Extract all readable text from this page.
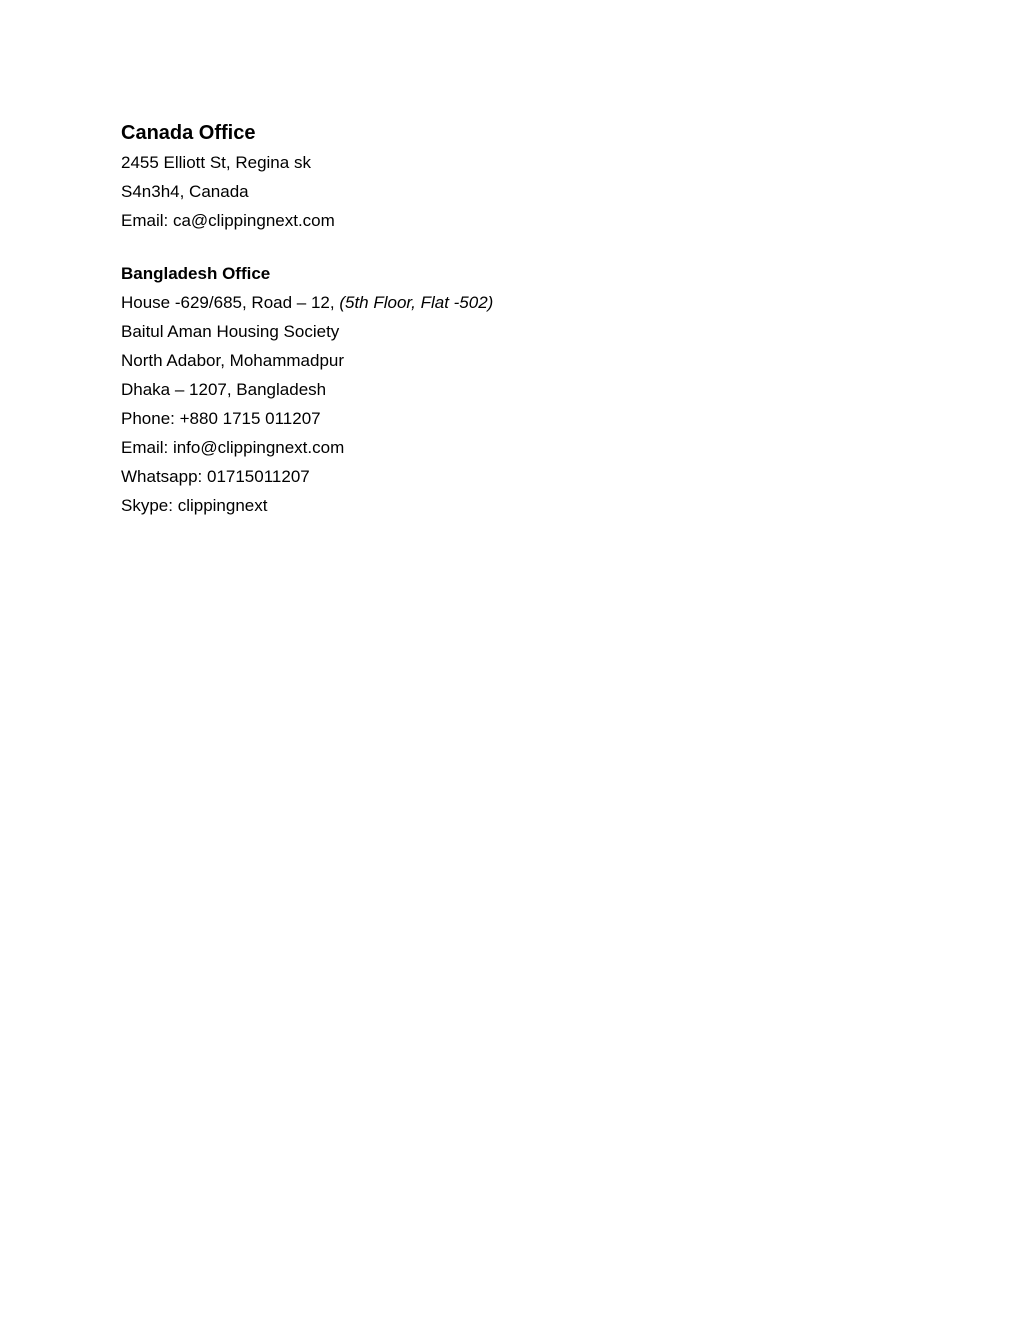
Canada Office
2455 Elliott St, Regina sk
S4n3h4, Canada
Email: ca@clippingnext.com
Bangladesh Office
House -629/685, Road – 12, (5th Floor, Flat -502)
Baitul Aman Housing Society
North Adabor, Mohammadpur
Dhaka – 1207, Bangladesh
Phone: +880 1715 011207
Email: info@clippingnext.com
Whatsapp: 01715011207
Skype: clippingnext
